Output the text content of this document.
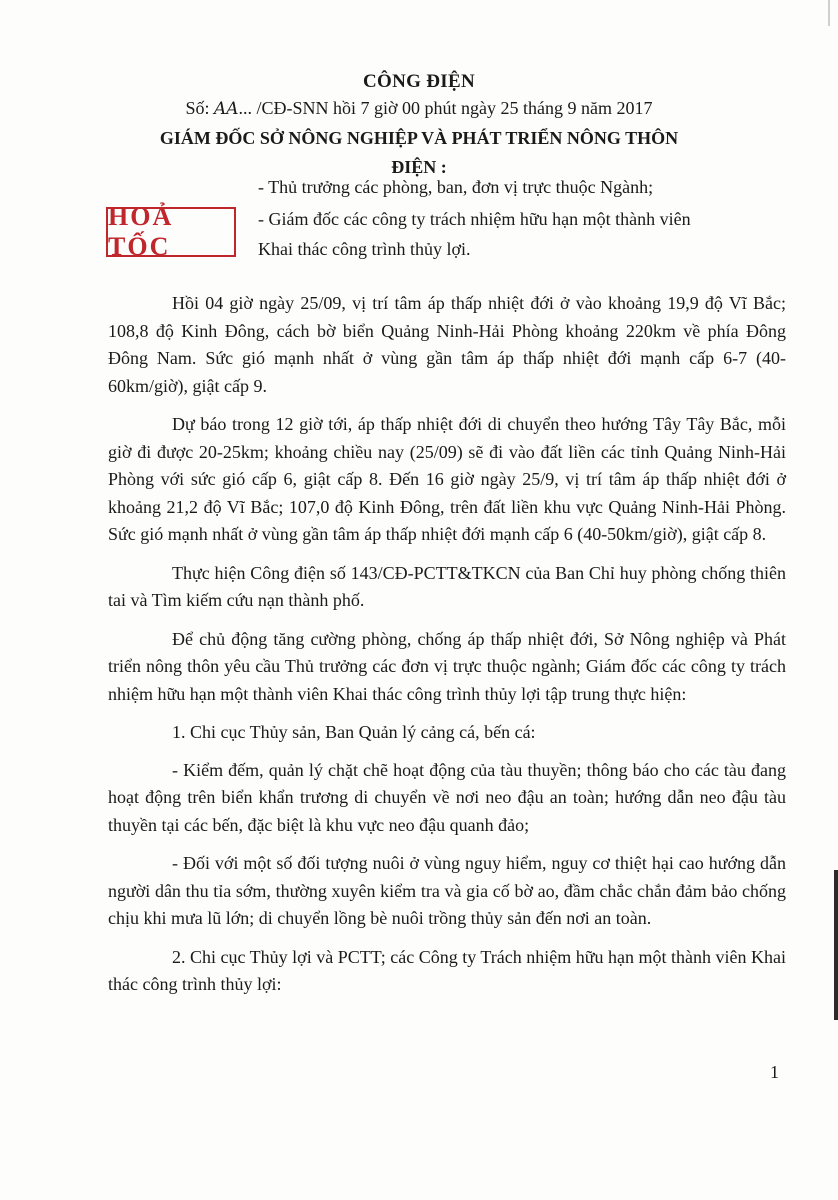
CÔNG ĐIỆN
Số: AA... /CĐ-SNN hồi 7 giờ 00 phút ngày 25 tháng 9 năm 2017
GIÁM ĐỐC SỞ NÔNG NGHIỆP VÀ PHÁT TRIỂN NÔNG THÔN
ĐIỆN :
HOẢ TỐC
- Thủ trưởng các phòng, ban, đơn vị trực thuộc Ngành;
- Giám đốc các công ty trách nhiệm hữu hạn một thành viên
Khai thác công trình thủy lợi.

Hồi 04 giờ ngày 25/09, vị trí tâm áp thấp nhiệt đới ở vào khoảng 19,9 độ Vĩ Bắc; 108,8 độ Kinh Đông, cách bờ biển Quảng Ninh-Hải Phòng khoảng 220km về phía Đông Đông Nam. Sức gió mạnh nhất ở vùng gần tâm áp thấp nhiệt đới mạnh cấp 6-7 (40-60km/giờ), giật cấp 9.

Dự báo trong 12 giờ tới, áp thấp nhiệt đới di chuyển theo hướng Tây Tây Bắc, mỗi giờ đi được 20-25km; khoảng chiều nay (25/09) sẽ đi vào đất liền các tỉnh Quảng Ninh-Hải Phòng với sức gió cấp 6, giật cấp 8. Đến 16 giờ ngày 25/9, vị trí tâm áp thấp nhiệt đới ở khoảng 21,2 độ Vĩ Bắc; 107,0 độ Kinh Đông, trên đất liền khu vực Quảng Ninh-Hải Phòng. Sức gió mạnh nhất ở vùng gần tâm áp thấp nhiệt đới mạnh cấp 6 (40-50km/giờ), giật cấp 8.

Thực hiện Công điện số 143/CĐ-PCTT&TKCN của Ban Chỉ huy phòng chống thiên tai và Tìm kiếm cứu nạn thành phố.

Để chủ động tăng cường phòng, chống áp thấp nhiệt đới, Sở Nông nghiệp và Phát triển nông thôn yêu cầu Thủ trưởng các đơn vị trực thuộc ngành; Giám đốc các công ty trách nhiệm hữu hạn một thành viên Khai thác công trình thủy lợi tập trung thực hiện:

1. Chi cục Thủy sản, Ban Quản lý cảng cá, bến cá:

- Kiểm đếm, quản lý chặt chẽ hoạt động của tàu thuyền; thông báo cho các tàu đang hoạt động trên biển khẩn trương di chuyển về nơi neo đậu an toàn; hướng dẫn neo đậu tàu thuyền tại các bến, đặc biệt là khu vực neo đậu quanh đảo;

- Đối với một số đối tượng nuôi ở vùng nguy hiểm, nguy cơ thiệt hại cao hướng dẫn người dân thu tỉa sớm, thường xuyên kiểm tra và gia cố bờ ao, đầm chắc chắn đảm bảo chống chịu khi mưa lũ lớn; di chuyển lồng bè nuôi trồng thủy sản đến nơi an toàn.

2. Chi cục Thủy lợi và PCTT; các Công ty Trách nhiệm hữu hạn một thành viên Khai thác công trình thủy lợi:

1
